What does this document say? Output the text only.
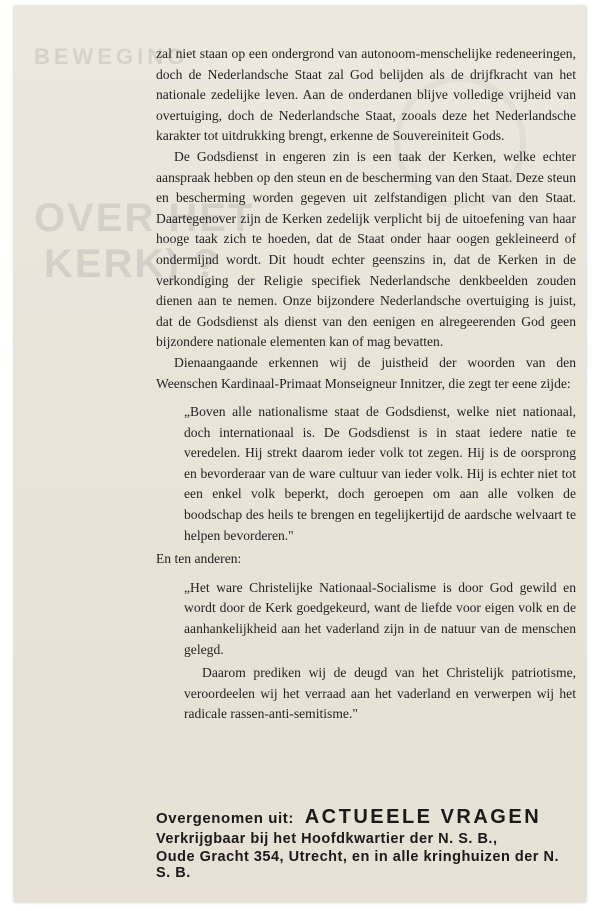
BEWEGING
OVER HET
KERK) ?

zal niet staan op een ondergrond van autonoom-menschelijke redeneeringen, doch de Nederlandsche Staat zal God belijden als de drijfkracht van het nationale zedelijke leven. Aan de onderdanen blijve volledige vrijheid van overtuiging, doch de Nederlandsche Staat, zooals deze het Nederlandsche karakter tot uitdrukking brengt, erkenne de Souvereiniteit Gods.

De Godsdienst in engeren zin is een taak der Kerken, welke echter aanspraak hebben op den steun en de bescherming van den Staat. Deze steun en bescherming worden gegeven uit zelfstandigen plicht van den Staat. Daartegenover zijn de Kerken zedelijk verplicht bij de uitoefening van haar hooge taak zich te hoeden, dat de Staat onder haar oogen gekleineerd of ondermijnd wordt. Dit houdt echter geenszins in, dat de Kerken in de verkondiging der Religie specifiek Nederlandsche denkbeelden zouden dienen aan te nemen. Onze bijzondere Nederlandsche overtuiging is juist, dat de Godsdienst als dienst van den eenigen en alregeerenden God geen bijzondere nationale elementen kan of mag bevatten.

Dienaangaande erkennen wij de juistheid der woorden van den Weenschen Kardinaal-Primaat Monseigneur Innitzer, die zegt ter eene zijde:

„Boven alle nationalisme staat de Godsdienst, welke niet nationaal, doch internationaal is. De Godsdienst is in staat iedere natie te veredelen. Hij strekt daarom ieder volk tot zegen. Hij is de oorsprong en bevorderaar van de ware cultuur van ieder volk. Hij is echter niet tot een enkel volk beperkt, doch geroepen om aan alle volken de boodschap des heils te brengen en tegelijkertijd de aardsche welvaart te helpen bevorderen."

En ten anderen:

„Het ware Christelijke Nationaal-Socialisme is door God gewild en wordt door de Kerk goedgekeurd, want de liefde voor eigen volk en de aanhankelijkheid aan het vaderland zijn in de natuur van de menschen gelegd.

Daarom prediken wij de deugd van het Christelijk patriotisme, veroordeelen wij het verraad aan het vaderland en verwerpen wij het radicale rassen-anti-semitisme."

Overgenomen uit: ACTUEELE VRAGEN
Verkrijgbaar bij het Hoofdkwartier der N. S. B.,
Oude Gracht 354, Utrecht, en in alle kringhuizen der N. S. B.
